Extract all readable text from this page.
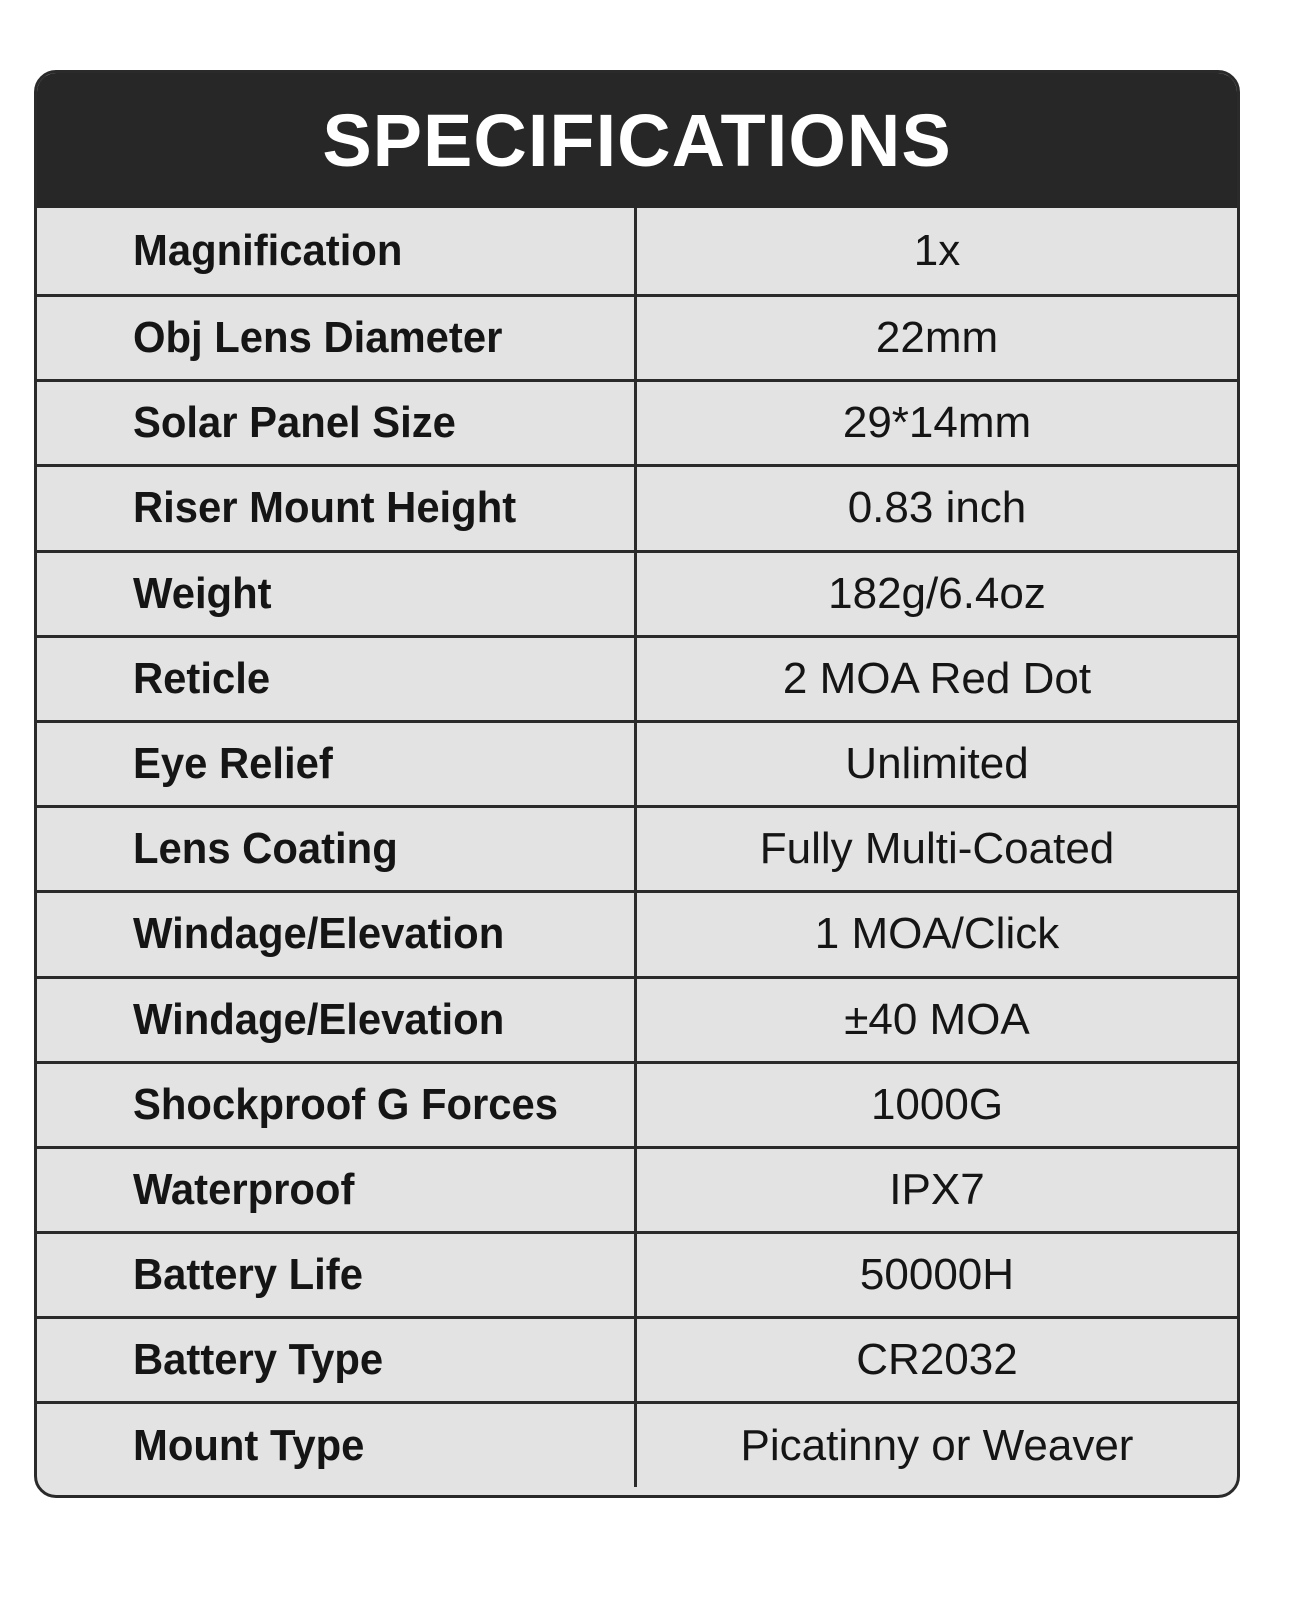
SPECIFICATIONS
Magnification	1x
Obj Lens Diameter	22mm
Solar Panel Size	29*14mm
Riser Mount Height	0.83 inch
Weight	182g/6.4oz
Reticle	2 MOA Red Dot
Eye Relief	Unlimited
Lens Coating	Fully Multi-Coated
Windage/Elevation	1 MOA/Click
Windage/Elevation	±40 MOA
Shockproof G Forces	1000G
Waterproof	IPX7
Battery Life	50000H
Battery Type	CR2032
Mount Type	Picatinny or Weaver
